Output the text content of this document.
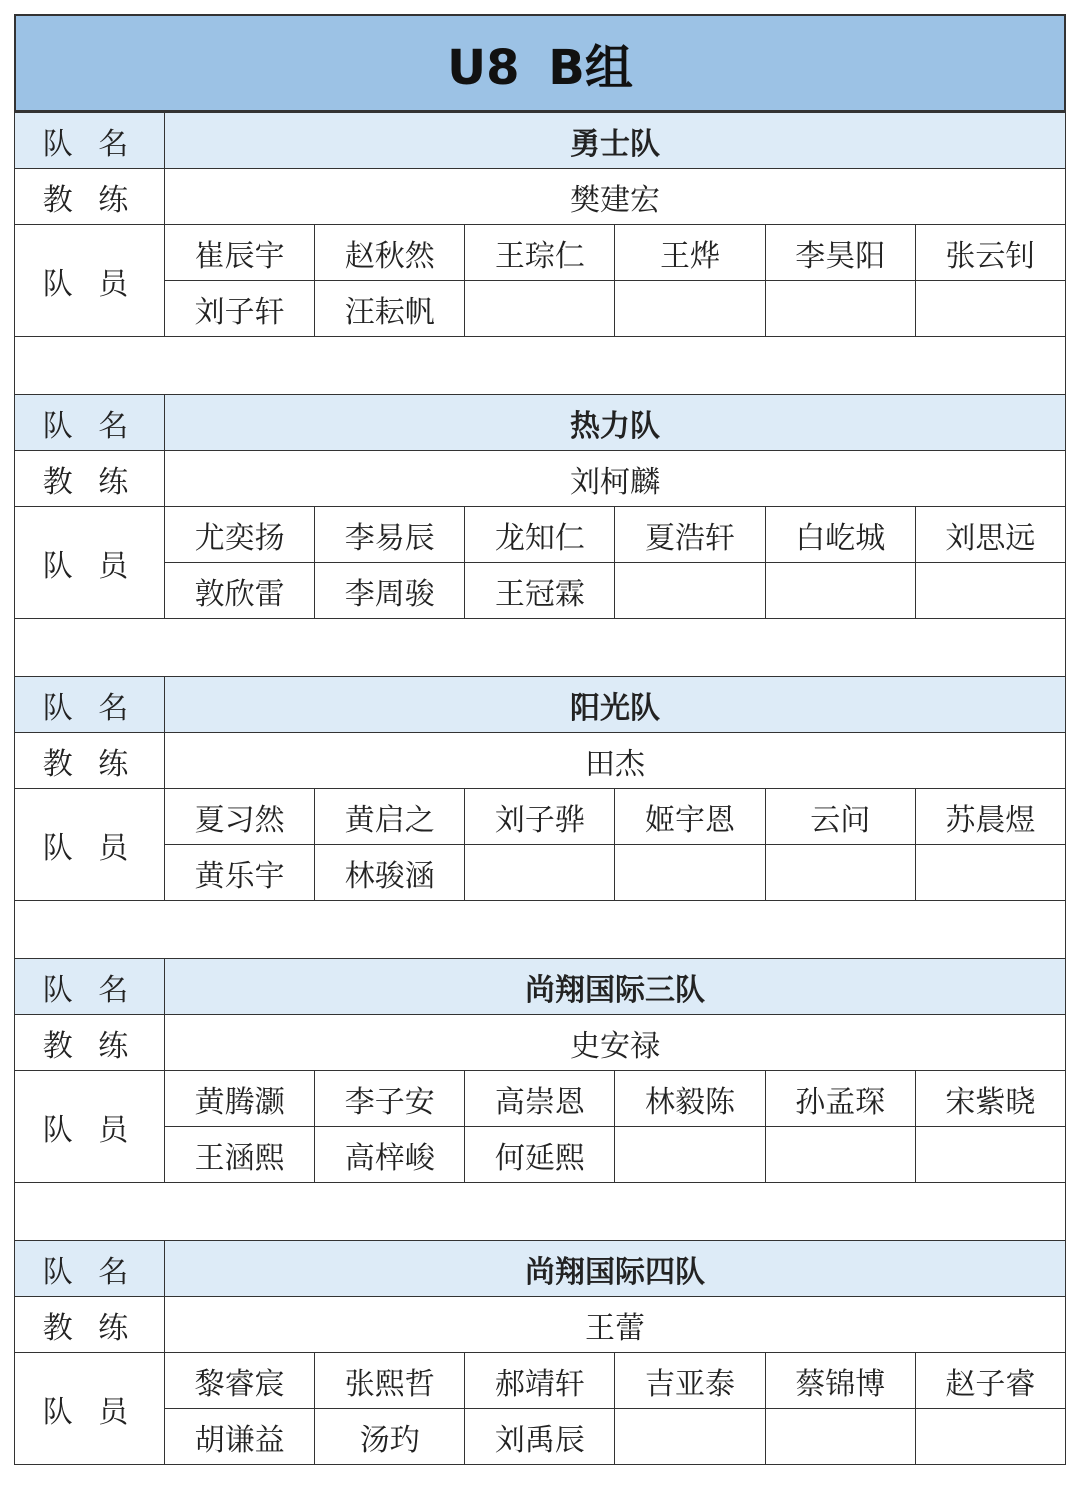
U8 B组
队 名	勇士队					
教 练	樊建宏					
队 员	崔辰宇	赵秋然	王琮仁	王烨	李昊阳	张云钊
	刘子轩	汪耘帆				
队 名	热力队					
教 练	刘柯麟					
队 员	尤奕扬	李易辰	龙知仁	夏浩轩	白屹城	刘思远
	敦欣雷	李周骏	王冠霖			
队 名	阳光队					
教 练	田杰					
队 员	夏习然	黄启之	刘子骅	姬宇恩	云问	苏晨煜
	黄乐宇	林骏涵				
队 名	尚翔国际三队					
教 练	史安禄					
队 员	黄腾灏	李子安	高崇恩	林毅陈	孙孟琛	宋紫晓
	王涵熙	高梓峻	何延熙			
队 名	尚翔国际四队					
教 练	王蕾					
队 员	黎睿宸	张熙哲	郝靖轩	吉亚泰	蔡锦博	赵子睿
	胡谦益	汤玓	刘禹辰			
